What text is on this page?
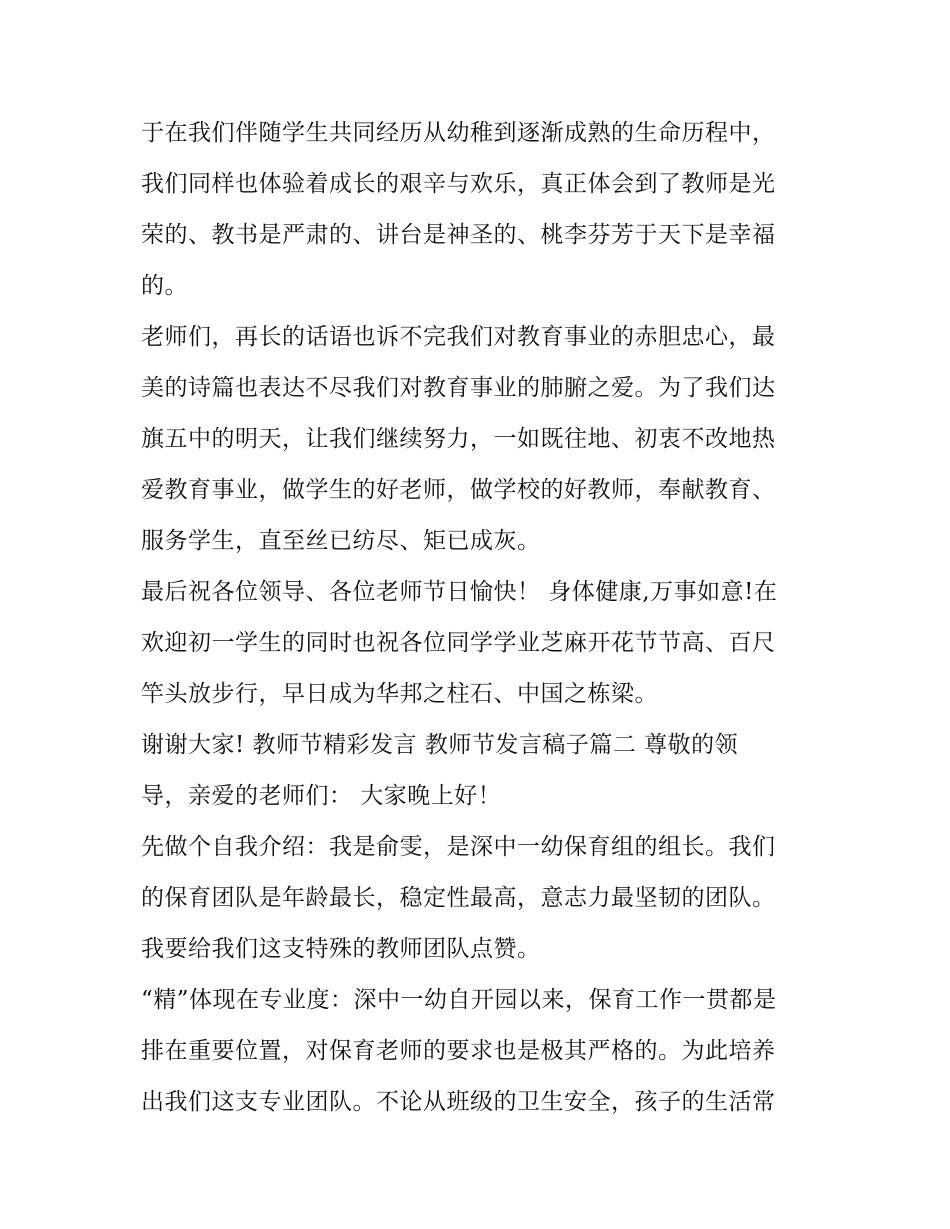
于在我们伴随学生共同经历从幼稚到逐渐成熟的生命历程中，
我们同样也体验着成长的艰辛与欢乐，真正体会到了教师是光
荣的、教书是严肃的、讲台是神圣的、桃李芬芳于天下是幸福
的。
老师们，再长的话语也诉不完我们对教育事业的赤胆忠心，最
美的诗篇也表达不尽我们对教育事业的肺腑之爱。为了我们达
旗五中的明天，让我们继续努力，一如既往地、初衷不改地热
爱教育事业，做学生的好老师，做学校的好教师，奉献教育、
服务学生，直至丝已纺尽、矩已成灰。
最后祝各位领导、各位老师节日愉快！ 身体健康,万事如意!在
欢迎初一学生的同时也祝各位同学学业芝麻开花节节高、百尺
竿头放步行，早日成为华邦之柱石、中国之栋梁。
谢谢大家! 教师节精彩发言 教师节发言稿子篇二 尊敬的领
导，亲爱的老师们： 大家晚上好！
先做个自我介绍：我是俞雯，是深中一幼保育组的组长。我们
的保育团队是年龄最长，稳定性最高，意志力最坚韧的团队。
我要给我们这支特殊的教师团队点赞。
“精”体现在专业度：深中一幼自开园以来，保育工作一贯都是
排在重要位置，对保育老师的要求也是极其严格的。为此培养
出我们这支专业团队。不论从班级的卫生安全，孩子的生活常
